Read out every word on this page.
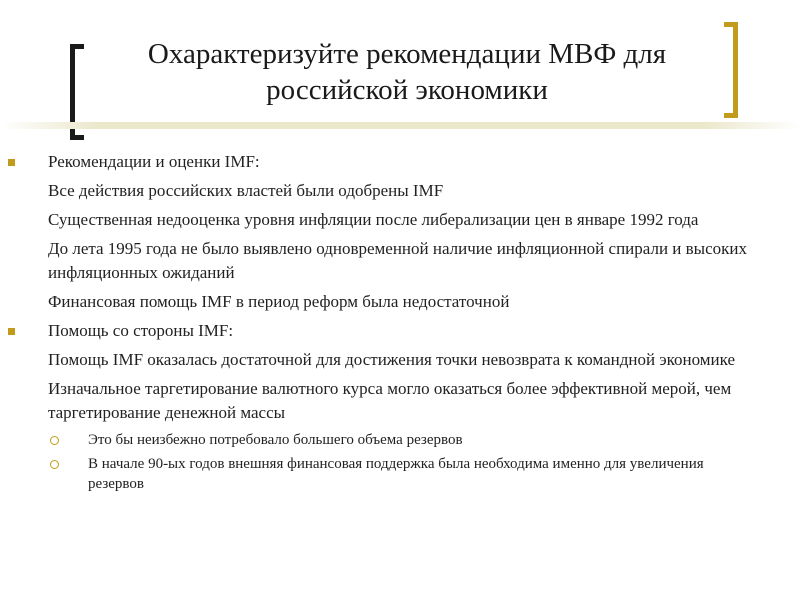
Охарактеризуйте рекомендации МВФ для российской экономики
Рекомендации и оценки IMF:
Все действия российских властей были одобрены IMF
Существенная недооценка уровня инфляции после либерализации цен в январе 1992 года
До лета 1995 года не было выявлено одновременной наличие инфляционной спирали и высоких инфляционных ожиданий
Финансовая помощь IMF в период реформ была недостаточной
Помощь со стороны IMF:
Помощь IMF оказалась достаточной для достижения точки невозврата к командной экономике
Изначальное таргетирование валютного курса могло оказаться более эффективной мерой, чем таргетирование денежной массы
Это бы неизбежно потребовало большего объема резервов
В начале 90-ых годов внешняя финансовая поддержка была необходима именно для увеличения резервов
